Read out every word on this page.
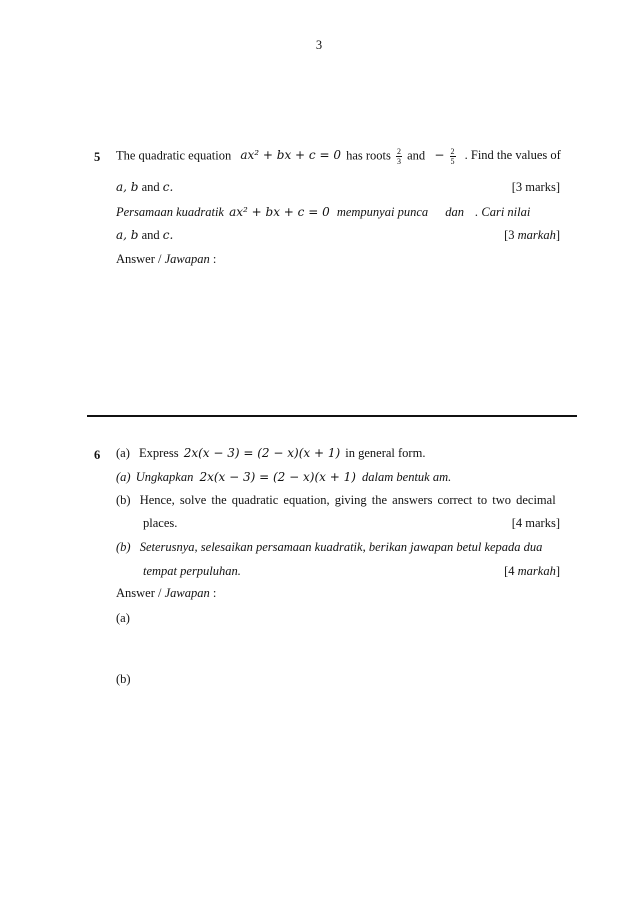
3
5 The quadratic equation ax² + bx + c = 0 has roots $\frac{2}{3}$ and − $\frac{2}{5}$ . Find the values of
a, b and c.	[3 marks]
Persamaan kuadratik ax² + bx + c = 0 mempunyai punca dan . Cari nilai
a, b and c.	[3 markah]
Answer / Jawapan :
6 (a) Express 2x(x − 3) = (2 − x)(x + 1) in general form.
(a) Ungkapkan 2x(x − 3) = (2 − x)(x + 1) dalam bentuk am.
(b) Hence, solve the quadratic equation, giving the answers correct to two decimal
places.	[4 marks]
(b) Seterusnya, selesaikan persamaan kuadratik, berikan jawapan betul kepada dua
tempat perpuluhan.	[4 markah]
Answer / Jawapan :
(a)
(b)
